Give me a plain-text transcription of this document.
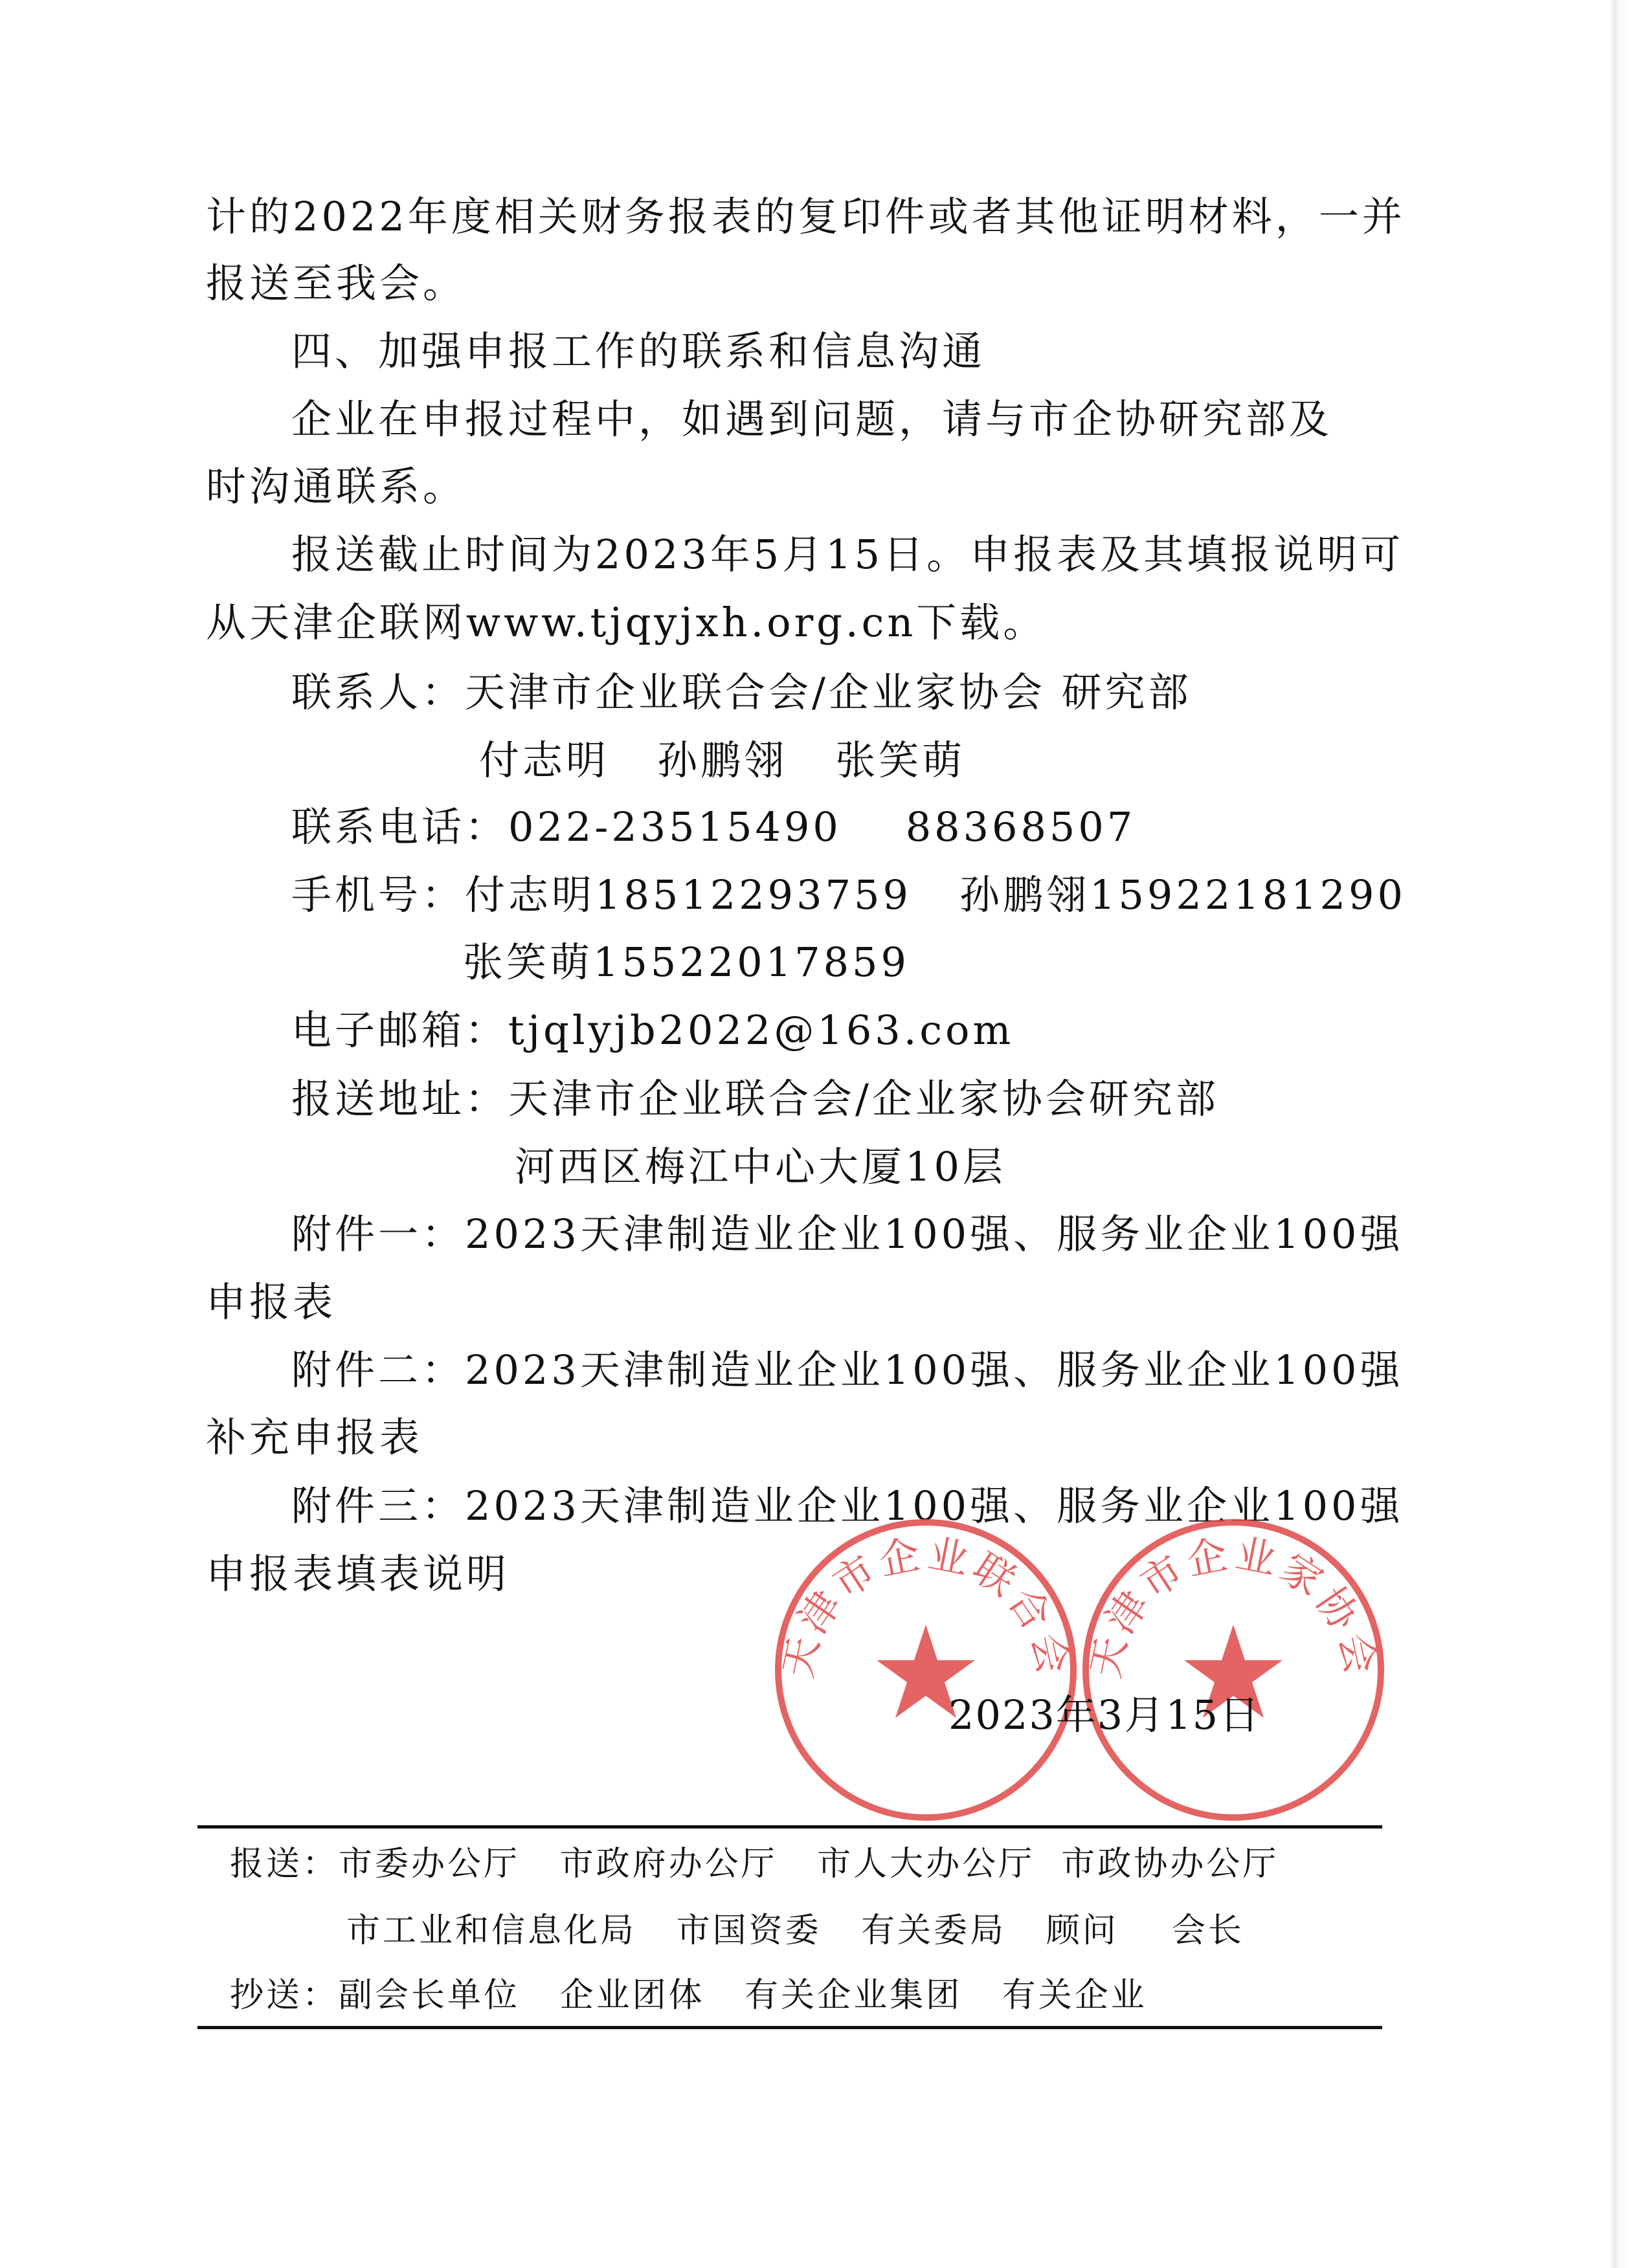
计的2022年度相关财务报表的复印件或者其他证明材料，一并
报送至我会。
四、加强申报工作的联系和信息沟通
企业在申报过程中，如遇到问题，请与市企协研究部及
时沟通联系。
报送截止时间为2023年5月15日。申报表及其填报说明可
从天津企联网www.tjqyjxh.org.cn下载。
联系人：天津市企业联合会/企业家协会 研究部
付志明   孙鹏翎   张笑萌
联系电话：022-23515490    88368507
手机号：付志明18512293759   孙鹏翎15922181290
张笑萌15522017859
电子邮箱：tjqlyjb2022@163.com
报送地址：天津市企业联合会/企业家协会研究部
河西区梅江中心大厦10层
附件一：2023天津制造业企业100强、服务业企业100强
申报表
附件二：2023天津制造业企业100强、服务业企业100强
补充申报表
附件三：2023天津制造业企业100强、服务业企业100强
申报表填表说明
天津市企业联合会 天津市企业家协会
2023年3月15日
报送：市委办公厅   市政府办公厅   市人大办公厅  市政协办公厅
市工业和信息化局   市国资委   有关委局   顾问    会长
抄送：副会长单位   企业团体   有关企业集团   有关企业
